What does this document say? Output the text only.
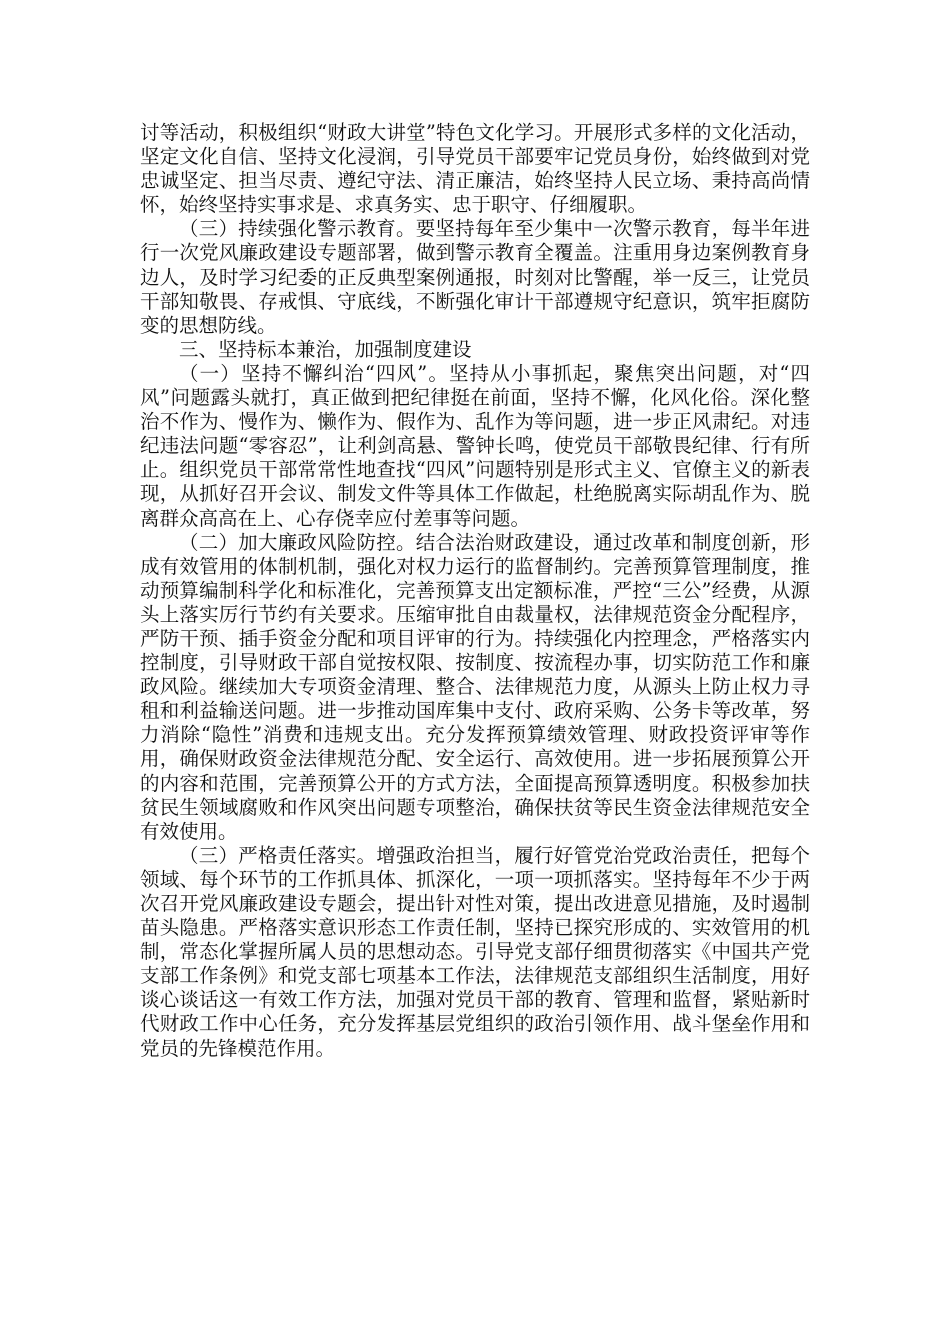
讨等活动，积极组织“财政大讲堂”特色文化学习。开展形式多样的文化活动，坚定文化自信、坚持文化浸润，引导党员干部要牢记党员身份，始终做到对党忠诚坚定、担当尽责、遵纪守法、清正廉洁，始终坚持人民立场、秉持高尚情怀，始终坚持实事求是、求真务实、忠于职守、仔细履职。

（三）持续强化警示教育。要坚持每年至少集中一次警示教育，每半年进行一次党风廉政建设专题部署，做到警示教育全覆盖。注重用身边案例教育身边人，及时学习纪委的正反典型案例通报，时刻对比警醒，举一反三，让党员干部知敬畏、存戒惧、守底线，不断强化审计干部遵规守纪意识，筑牢拒腐防变的思想防线。

三、坚持标本兼治，加强制度建设

（一）坚持不懈纠治“四风”。坚持从小事抓起，聚焦突出问题，对“四风”问题露头就打，真正做到把纪律挺在前面，坚持不懈，化风化俗。深化整治不作为、慢作为、懒作为、假作为、乱作为等问题，进一步正风肃纪。对违纪违法问题“零容忍”，让利剑高悬、警钟长鸣，使党员干部敬畏纪律、行有所止。组织党员干部常常性地查找“四风”问题特别是形式主义、官僚主义的新表现，从抓好召开会议、制发文件等具体工作做起，杜绝脱离实际胡乱作为、脱离群众高高在上、心存侥幸应付差事等问题。

（二）加大廉政风险防控。结合法治财政建设，通过改革和制度创新，形成有效管用的体制机制，强化对权力运行的监督制约。完善预算管理制度，推动预算编制科学化和标准化，完善预算支出定额标准，严控“三公”经费，从源头上落实厉行节约有关要求。压缩审批自由裁量权，法律规范资金分配程序，严防干预、插手资金分配和项目评审的行为。持续强化内控理念，严格落实内控制度，引导财政干部自觉按权限、按制度、按流程办事，切实防范工作和廉政风险。继续加大专项资金清理、整合、法律规范力度，从源头上防止权力寻租和利益输送问题。进一步推动国库集中支付、政府采购、公务卡等改革，努力消除“隐性”消费和违规支出。充分发挥预算绩效管理、财政投资评审等作用，确保财政资金法律规范分配、安全运行、高效使用。进一步拓展预算公开的内容和范围，完善预算公开的方式方法，全面提高预算透明度。积极参加扶贫民生领域腐败和作风突出问题专项整治，确保扶贫等民生资金法律规范安全有效使用。

（三）严格责任落实。增强政治担当，履行好管党治党政治责任，把每个领域、每个环节的工作抓具体、抓深化，一项一项抓落实。坚持每年不少于两次召开党风廉政建设专题会，提出针对性对策，提出改进意见措施，及时遏制苗头隐患。严格落实意识形态工作责任制，坚持已探究形成的、实效管用的机制，常态化掌握所属人员的思想动态。引导党支部仔细贯彻落实《中国共产党支部工作条例》和党支部七项基本工作法，法律规范支部组织生活制度，用好谈心谈话这一有效工作方法，加强对党员干部的教育、管理和监督，紧贴新时代财政工作中心任务，充分发挥基层党组织的政治引领作用、战斗堡垒作用和党员的先锋模范作用。
